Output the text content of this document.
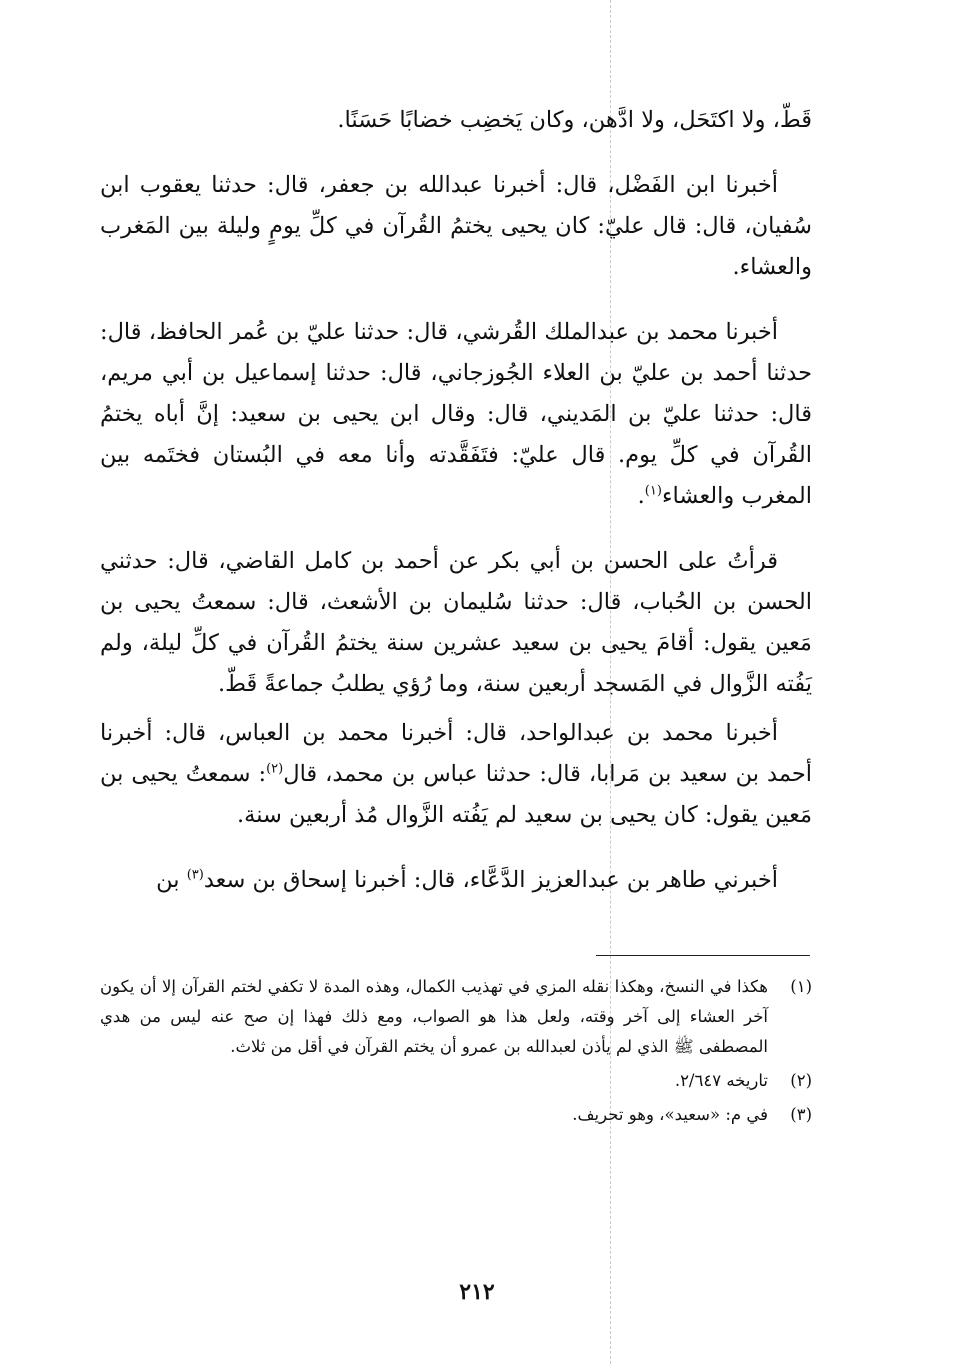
قَطّ، ولا اكتَحَل، ولا ادَّهن، وكان يَخضِب خضابًا حَسَنًا.

أخبرنا ابن الفَضْل، قال: أخبرنا عبدالله بن جعفر، قال: حدثنا يعقوب ابن سُفيان، قال: قال عليّ: كان يحيى يختمُ القُرآن في كلِّ يومٍ وليلة بين المَغرب والعشاء.

أخبرنا محمد بن عبدالملك القُرشي، قال: حدثنا عليّ بن عُمر الحافظ، قال: حدثنا أحمد بن عليّ بن العلاء الجُوزجاني، قال: حدثنا إسماعيل بن أبي مريم، قال: حدثنا عليّ بن المَديني، قال: وقال ابن يحيى بن سعيد: إنَّ أباه يختمُ القُرآن في كلِّ يوم. قال عليّ: فتَفَقَّدته وأنا معه في البُستان فختَمه بين المغرب والعشاء$^{(١)}$.

قرأتُ على الحسن بن أبي بكر عن أحمد بن كامل القاضي، قال: حدثني الحسن بن الحُباب، قال: حدثنا سُليمان بن الأشعث، قال: سمعتُ يحيى بن مَعين يقول: أقامَ يحيى بن سعيد عشرين سنة يختمُ القُرآن في كلِّ ليلة، ولم يَفُته الزَّوال في المَسجد أربعين سنة، وما رُؤي يطلبُ جماعةً قَطّ.

أخبرنا محمد بن عبدالواحد، قال: أخبرنا محمد بن العباس، قال: أخبرنا أحمد بن سعيد بن مَرابا، قال: حدثنا عباس بن محمد، قال$^{(٢)}$: سمعتُ يحيى بن مَعين يقول: كان يحيى بن سعيد لم يَفُته الزَّوال مُذ أربعين سنة.

أخبرني طاهر بن عبدالعزيز الدَّعَّاء، قال: أخبرنا إسحاق بن سعد$^{(٣)}$ بن

(١)
هكذا في النسخ، وهكذا نقله المزي في تهذيب الكمال، وهذه المدة لا تكفي لختم القرآن إلا أن يكون آخر العشاء إلى آخر وقته، ولعل هذا هو الصواب، ومع ذلك فهذا إن صح عنه ليس من هدي المصطفى ﷺ الذي لم يأذن لعبدالله بن عمرو أن يختم القرآن في أقل من ثلاث.
(٢)
تاريخه ٢/٦٤٧.
(٣)
في م: «سعيد»، وهو تحريف.
٢١٢
